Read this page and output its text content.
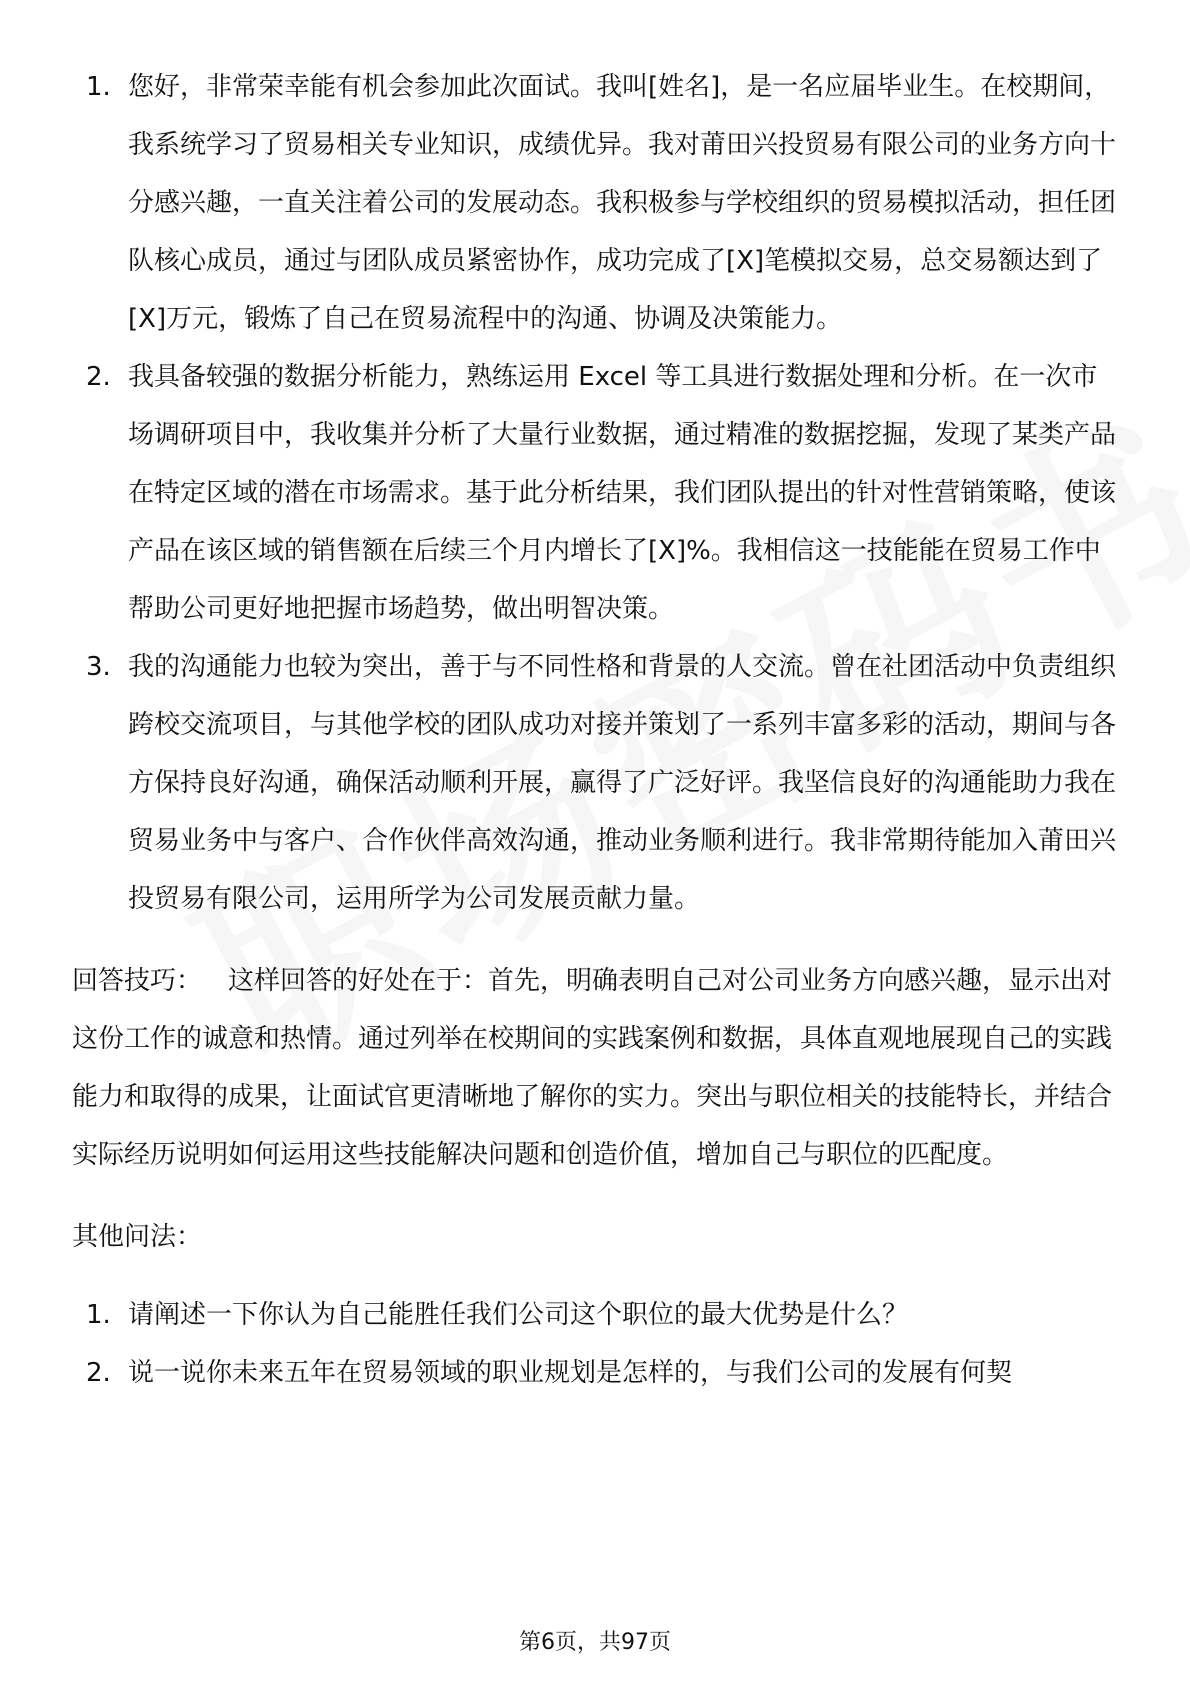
1. 您好，非常荣幸能有机会参加此次面试。我叫[姓名]，是一名应届毕业生。在校期间，我系统学习了贸易相关专业知识，成绩优异。我对莆田兴投贸易有限公司的业务方向十分感兴趣，一直关注着公司的发展动态。我积极参与学校组织的贸易模拟活动，担任团队核心成员，通过与团队成员紧密协作，成功完成了[X]笔模拟交易，总交易额达到了[X]万元，锻炼了自己在贸易流程中的沟通、协调及决策能力。
2. 我具备较强的数据分析能力，熟练运用 Excel 等工具进行数据处理和分析。在一次市场调研项目中，我收集并分析了大量行业数据，通过精准的数据挖掘，发现了某类产品在特定区域的潜在市场需求。基于此分析结果，我们团队提出的针对性营销策略，使该产品在该区域的销售额在后续三个月内增长了[X]%。我相信这一技能能在贸易工作中帮助公司更好地把握市场趋势，做出明智决策。
3. 我的沟通能力也较为突出，善于与不同性格和背景的人交流。曾在社团活动中负责组织跨校交流项目，与其他学校的团队成功对接并策划了一系列丰富多彩的活动，期间与各方保持良好沟通，确保活动顺利开展，赢得了广泛好评。我坚信良好的沟通能助力我在贸易业务中与客户、合作伙伴高效沟通，推动业务顺利进行。我非常期待能加入莆田兴投贸易有限公司，运用所学为公司发展贡献力量。

回答技巧： 这样回答的好处在于：首先，明确表明自己对公司业务方向感兴趣，显示出对这份工作的诚意和热情。通过列举在校期间的实践案例和数据，具体直观地展现自己的实践能力和取得的成果，让面试官更清晰地了解你的实力。突出与职位相关的技能特长，并结合实际经历说明如何运用这些技能解决问题和创造价值，增加自己与职位的匹配度。

其他问法：

1. 请阐述一下你认为自己能胜任我们公司这个职位的最大优势是什么？
2. 说一说你未来五年在贸易领域的职业规划是怎样的，与我们公司的发展有何契
第6页，共97页
